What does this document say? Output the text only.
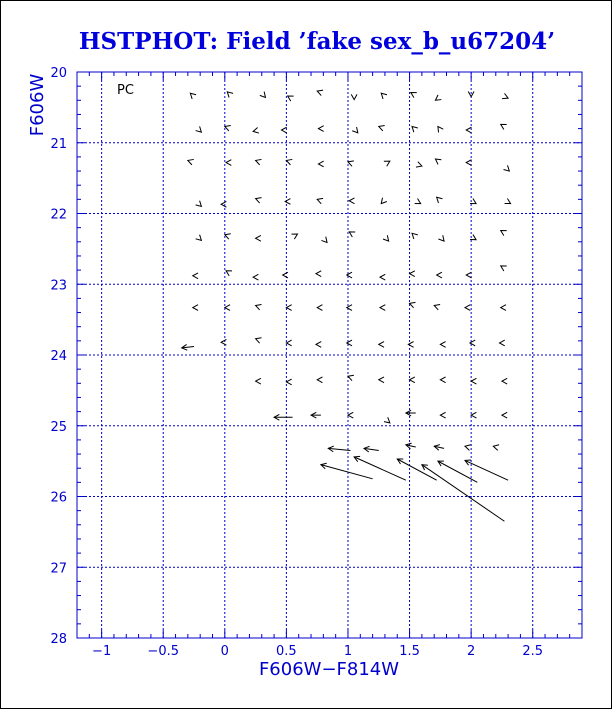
HSTPHOT: Field ’fake sex_b_u67204’
−1	−0.5	0	0.5	1	1.5	2	2.5
20
21
22
23
24
25
26
27
28
PC
F606W−F814W
F606W
